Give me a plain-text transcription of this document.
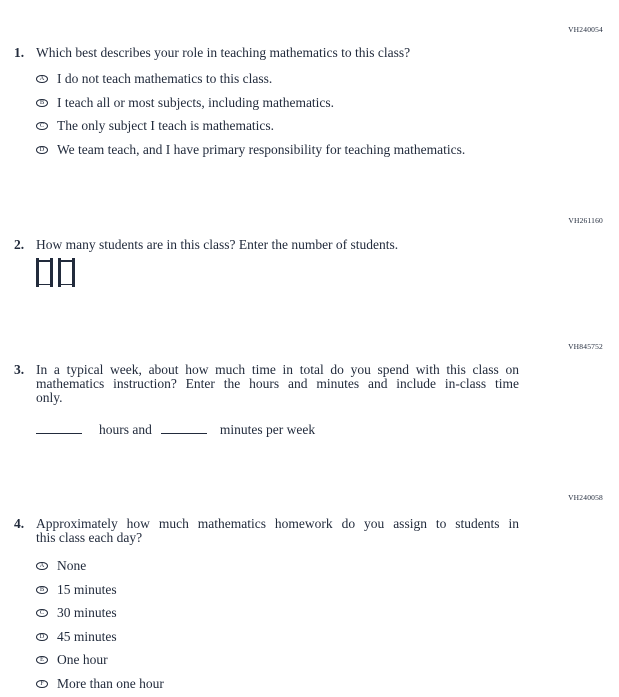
VH240054
1. Which best describes your role in teaching mathematics to this class?
A I do not teach mathematics to this class.
B I teach all or most subjects, including mathematics.
C The only subject I teach is mathematics.
D We team teach, and I have primary responsibility for teaching mathematics.
VH261160
2. How many students are in this class? Enter the number of students.
VH845752
3. In a typical week, about how much time in total do you spend with this class on
mathematics instruction? Enter the hours and minutes and include in-class time
only.
hours and	minutes per week
VH240058
4. Approximately how much mathematics homework do you assign to students in
this class each day?
A None
B 15 minutes
C 30 minutes
D 45 minutes
E One hour
F More than one hour
